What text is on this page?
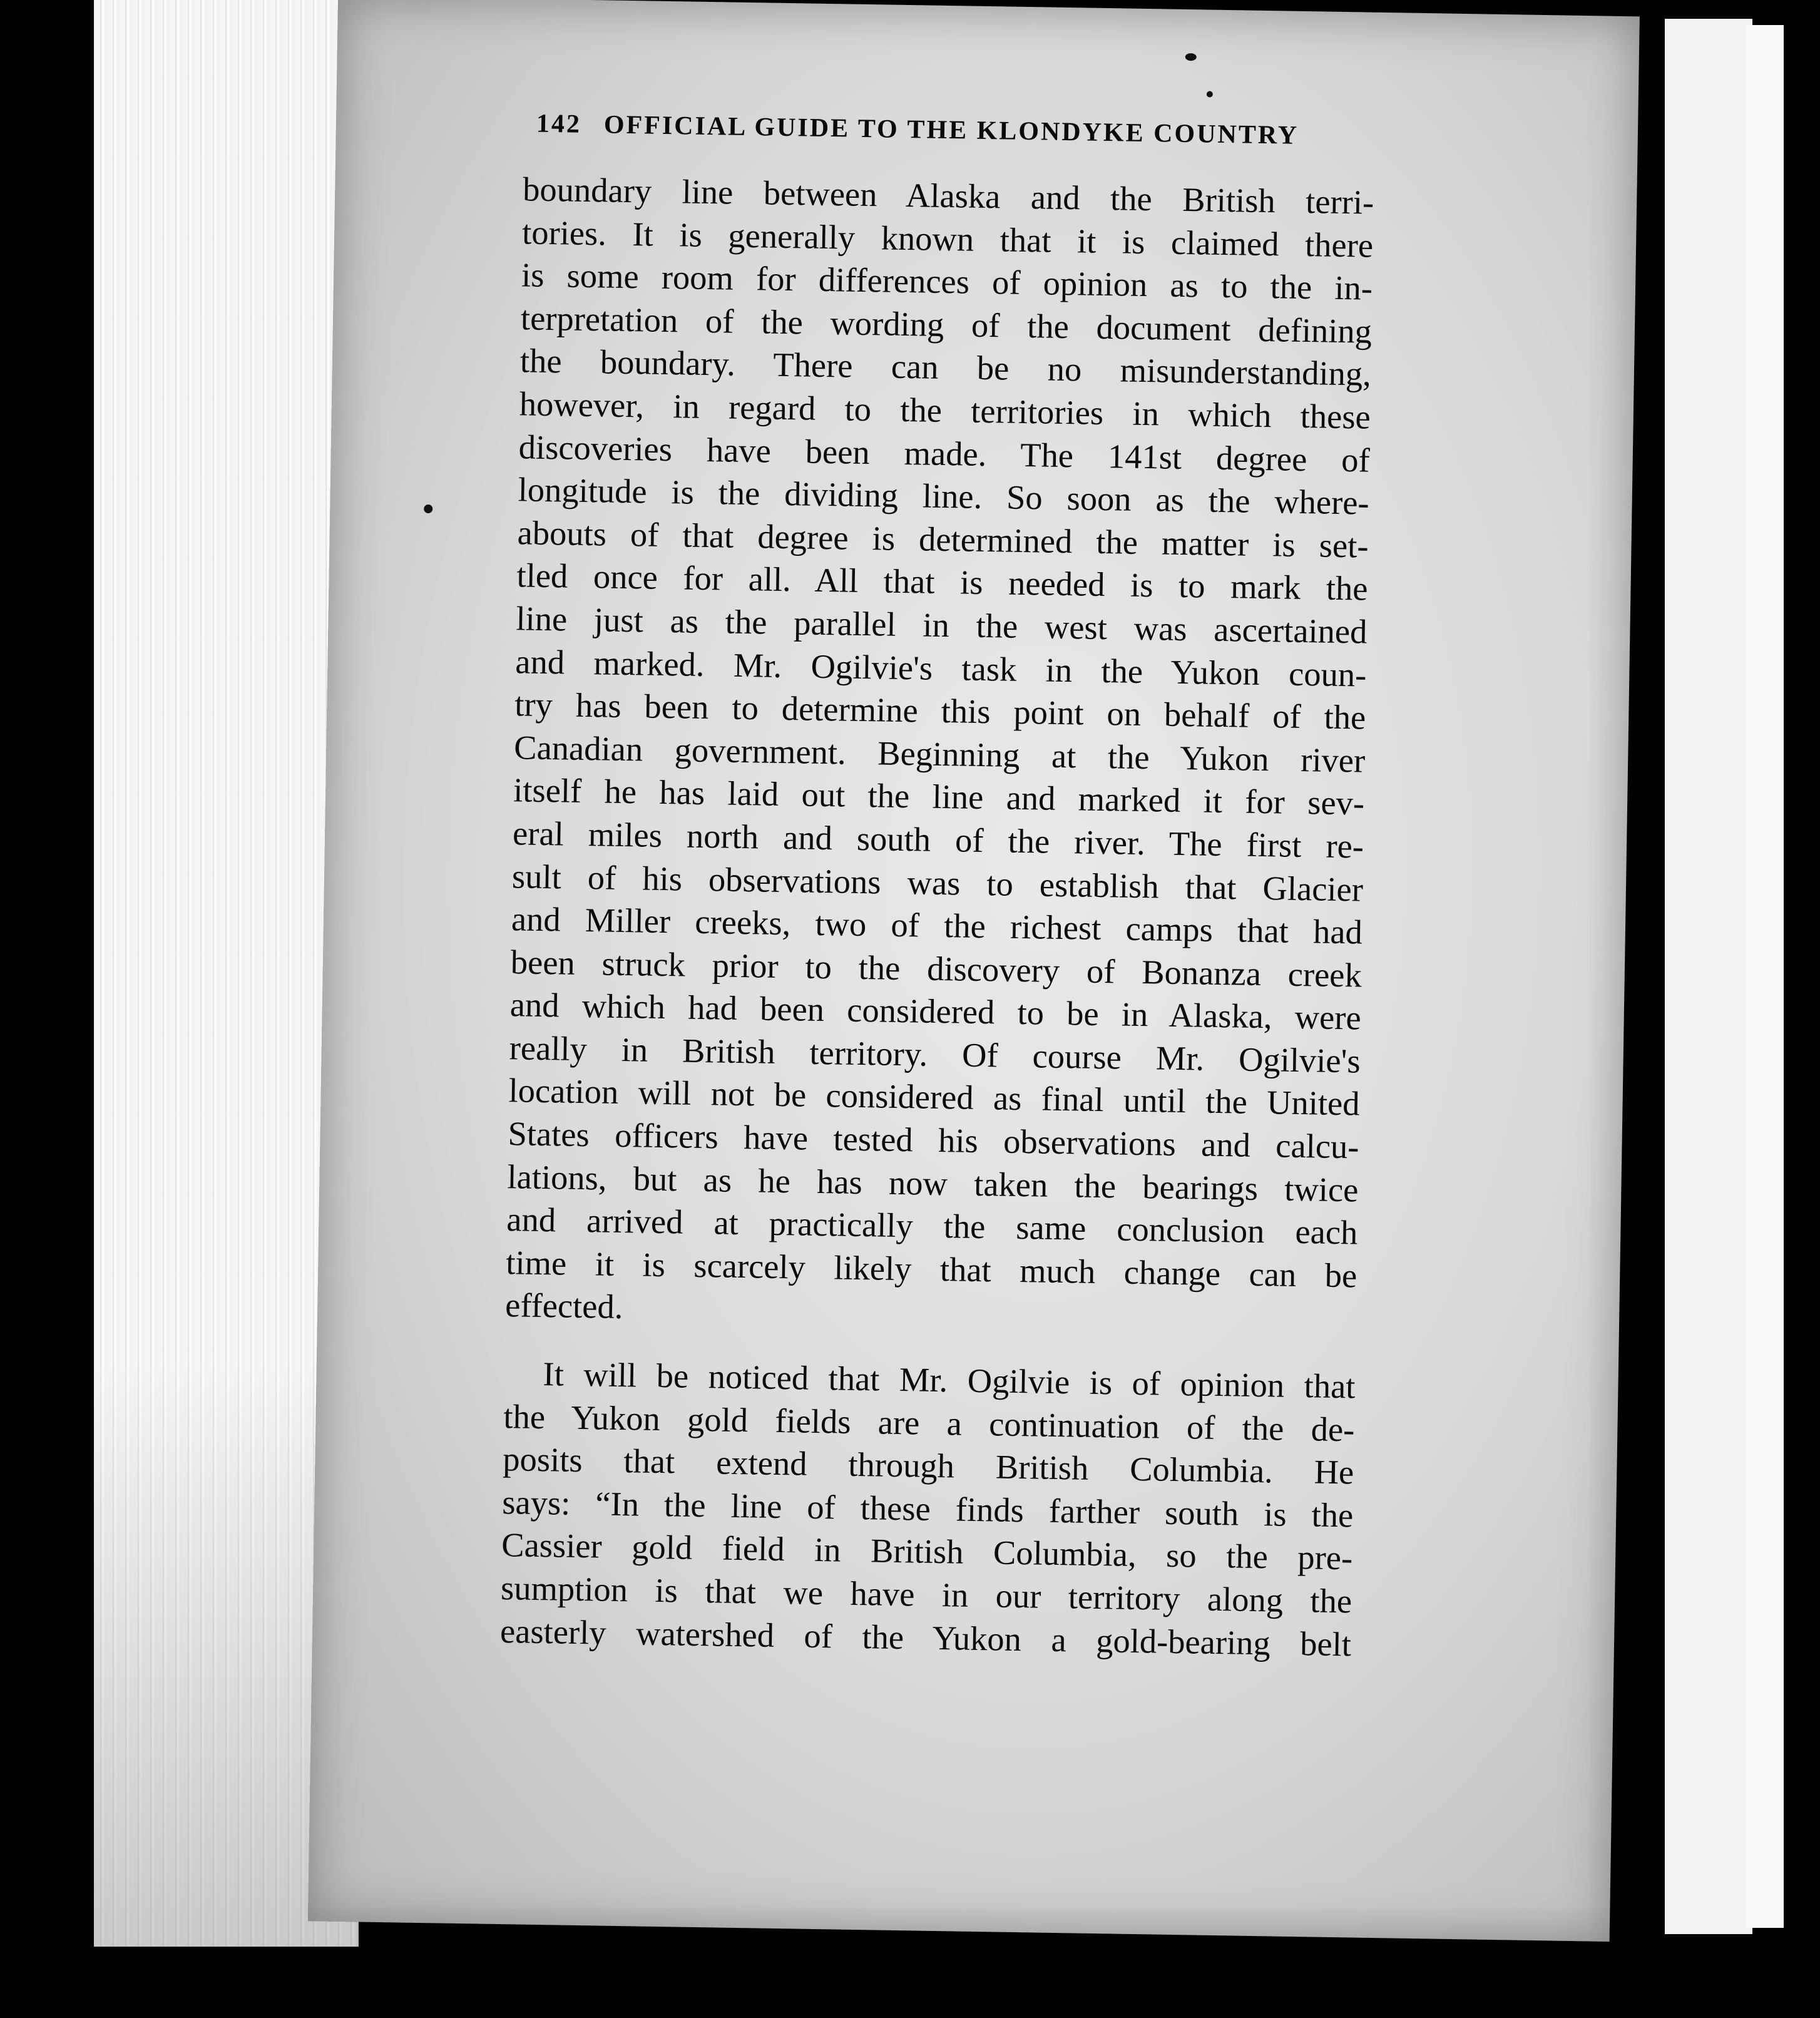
142 OFFICIAL GUIDE TO THE KLONDYKE COUNTRY
boundary line between Alaska and the British terri-
tories. It is generally known that it is claimed there
is some room for differences of opinion as to the in-
terpretation of the wording of the document defining
the boundary. There can be no misunderstanding,
however, in regard to the territories in which these
discoveries have been made. The 141st degree of
longitude is the dividing line. So soon as the where-
abouts of that degree is determined the matter is set-
tled once for all. All that is needed is to mark the
line just as the parallel in the west was ascertained
and marked. Mr. Ogilvie's task in the Yukon coun-
try has been to determine this point on behalf of the
Canadian government. Beginning at the Yukon river
itself he has laid out the line and marked it for sev-
eral miles north and south of the river. The first re-
sult of his observations was to establish that Glacier
and Miller creeks, two of the richest camps that had
been struck prior to the discovery of Bonanza creek
and which had been considered to be in Alaska, were
really in British territory. Of course Mr. Ogilvie's
location will not be considered as final until the United
States officers have tested his observations and calcu-
lations, but as he has now taken the bearings twice
and arrived at practically the same conclusion each
time it is scarcely likely that much change can be
effected.
It will be noticed that Mr. Ogilvie is of opinion that
the Yukon gold fields are a continuation of the de-
posits that extend through British Columbia. He
says: “In the line of these finds farther south is the
Cassier gold field in British Columbia, so the pre-
sumption is that we have in our territory along the
easterly watershed of the Yukon a gold-bearing belt
